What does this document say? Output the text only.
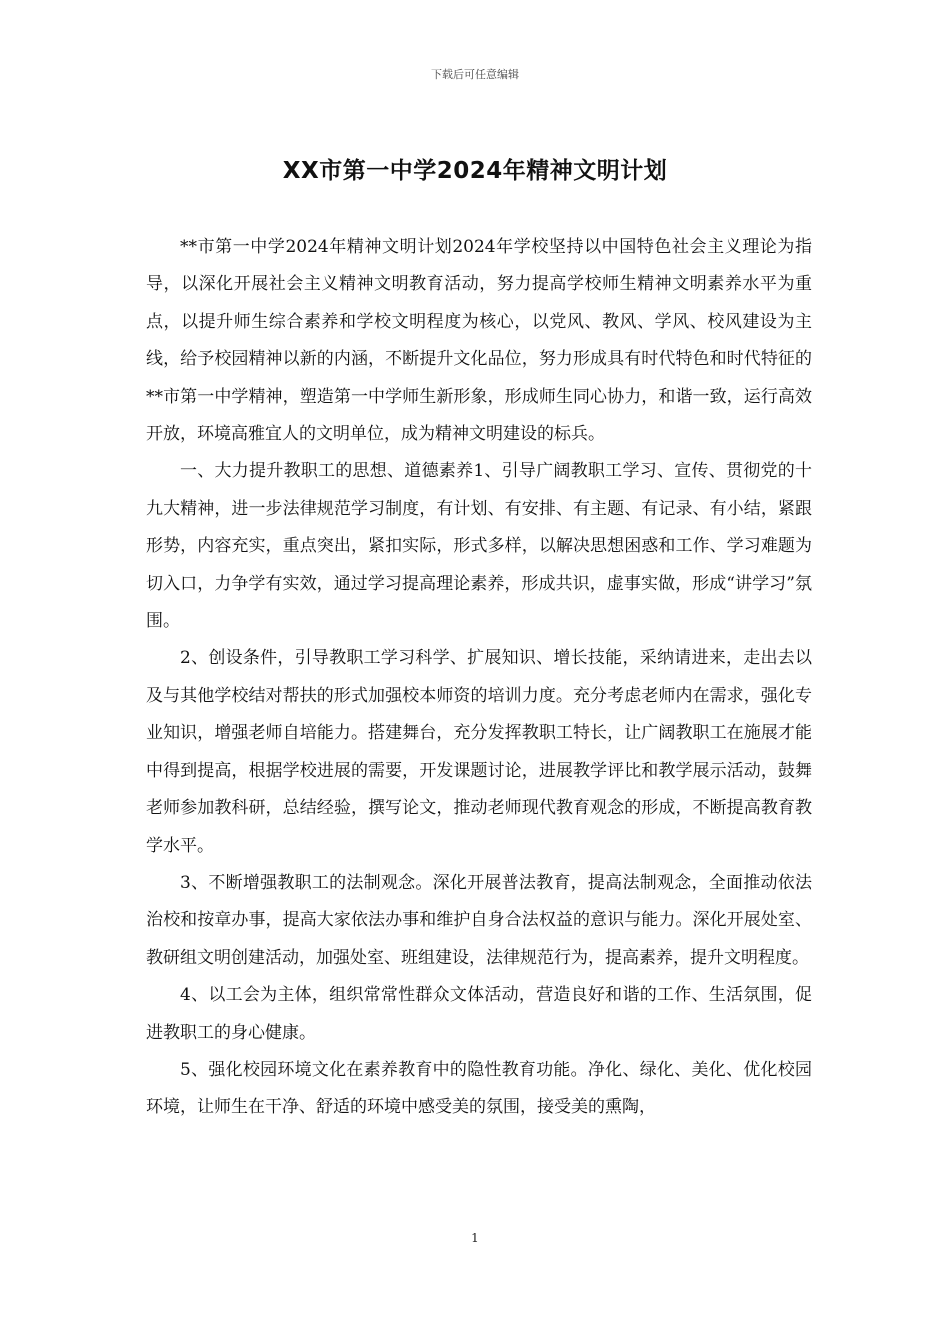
下载后可任意编辑
XX市第一中学2024年精神文明计划

**市第一中学2024年精神文明计划2024年学校坚持以中国特色社会主义理论为指导，以深化开展社会主义精神文明教育活动，努力提高学校师生精神文明素养水平为重点，以提升师生综合素养和学校文明程度为核心，以党风、教风、学风、校风建设为主线，给予校园精神以新的内涵，不断提升文化品位，努力形成具有时代特色和时代特征的**市第一中学精神，塑造第一中学师生新形象，形成师生同心协力，和谐一致，运行高效开放，环境高雅宜人的文明单位，成为精神文明建设的标兵。

一、大力提升教职工的思想、道德素养1、引导广阔教职工学习、宣传、贯彻党的十九大精神，进一步法律规范学习制度，有计划、有安排、有主题、有记录、有小结，紧跟形势，内容充实，重点突出，紧扣实际，形式多样，以解决思想困惑和工作、学习难题为切入口，力争学有实效，通过学习提高理论素养，形成共识，虚事实做，形成“讲学习”氛围。

2、创设条件，引导教职工学习科学、扩展知识、增长技能，采纳请进来，走出去以及与其他学校结对帮扶的形式加强校本师资的培训力度。充分考虑老师内在需求，强化专业知识，增强老师自培能力。搭建舞台，充分发挥教职工特长，让广阔教职工在施展才能中得到提高，根据学校进展的需要，开发课题讨论，进展教学评比和教学展示活动，鼓舞老师参加教科研，总结经验，撰写论文，推动老师现代教育观念的形成，不断提高教育教学水平。

3、不断增强教职工的法制观念。深化开展普法教育，提高法制观念，全面推动依法治校和按章办事，提高大家依法办事和维护自身合法权益的意识与能力。深化开展处室、教研组文明创建活动，加强处室、班组建设，法律规范行为，提高素养，提升文明程度。

4、以工会为主体，组织常常性群众文体活动，营造良好和谐的工作、生活氛围，促进教职工的身心健康。

5、强化校园环境文化在素养教育中的隐性教育功能。净化、绿化、美化、优化校园环境，让师生在干净、舒适的环境中感受美的氛围，接受美的熏陶，

1
